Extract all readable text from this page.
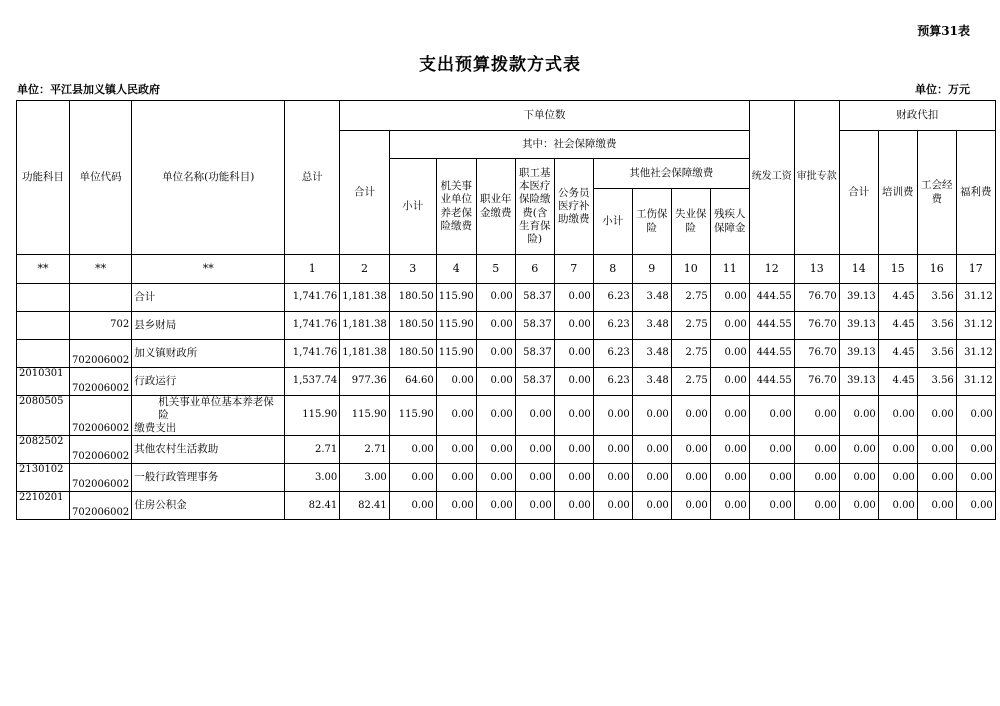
预算31表
支出预算拨款方式表
单位：平江县加义镇人民政府	单位：万元
功能科目	单位代码	单位名称(功能科目)	总计	下单位数										统发工资	审批专款	财政代扣			
				合计	其中：社会保障缴费											合计	培训费	工会经费	福利费
					小计	机关事业单位养老保险缴费	职业年金缴费	职工基本医疗保险缴费(含生育保险)	公务员医疗补助缴费	其他社会保障缴费									
										小计	工伤保险	失业保险	残疾人保障金						

**	**	**	1	2	3	4	5	6	7	8	9	10	11	12	13	14	15	16	17
		合计	1,741.76	1,181.38	180.50	115.90	0.00	58.37	0.00	6.23	3.48	2.75	0.00	444.55	76.70	39.13	4.45	3.56	31.12
	702	县乡财局	1,741.76	1,181.38	180.50	115.90	0.00	58.37	0.00	6.23	3.48	2.75	0.00	444.55	76.70	39.13	4.45	3.56	31.12
	702006002	加义镇财政所	1,741.76	1,181.38	180.50	115.90	0.00	58.37	0.00	6.23	3.48	2.75	0.00	444.55	76.70	39.13	4.45	3.56	31.12
2010301	702006002	行政运行	1,537.74	977.36	64.60	0.00	0.00	58.37	0.00	6.23	3.48	2.75	0.00	444.55	76.70	39.13	4.45	3.56	31.12
2080505	702006002	机关事业单位基本养老保险
缴费支出	115.90	115.90	115.90	0.00	0.00	0.00	0.00	0.00	0.00	0.00	0.00	0.00	0.00	0.00	0.00	0.00	0.00
2082502	702006002	其他农村生活救助	2.71	2.71	0.00	0.00	0.00	0.00	0.00	0.00	0.00	0.00	0.00	0.00	0.00	0.00	0.00	0.00	0.00
2130102	702006002	一般行政管理事务	3.00	3.00	0.00	0.00	0.00	0.00	0.00	0.00	0.00	0.00	0.00	0.00	0.00	0.00	0.00	0.00	0.00
2210201	702006002	住房公积金	82.41	82.41	0.00	0.00	0.00	0.00	0.00	0.00	0.00	0.00	0.00	0.00	0.00	0.00	0.00	0.00	0.00
